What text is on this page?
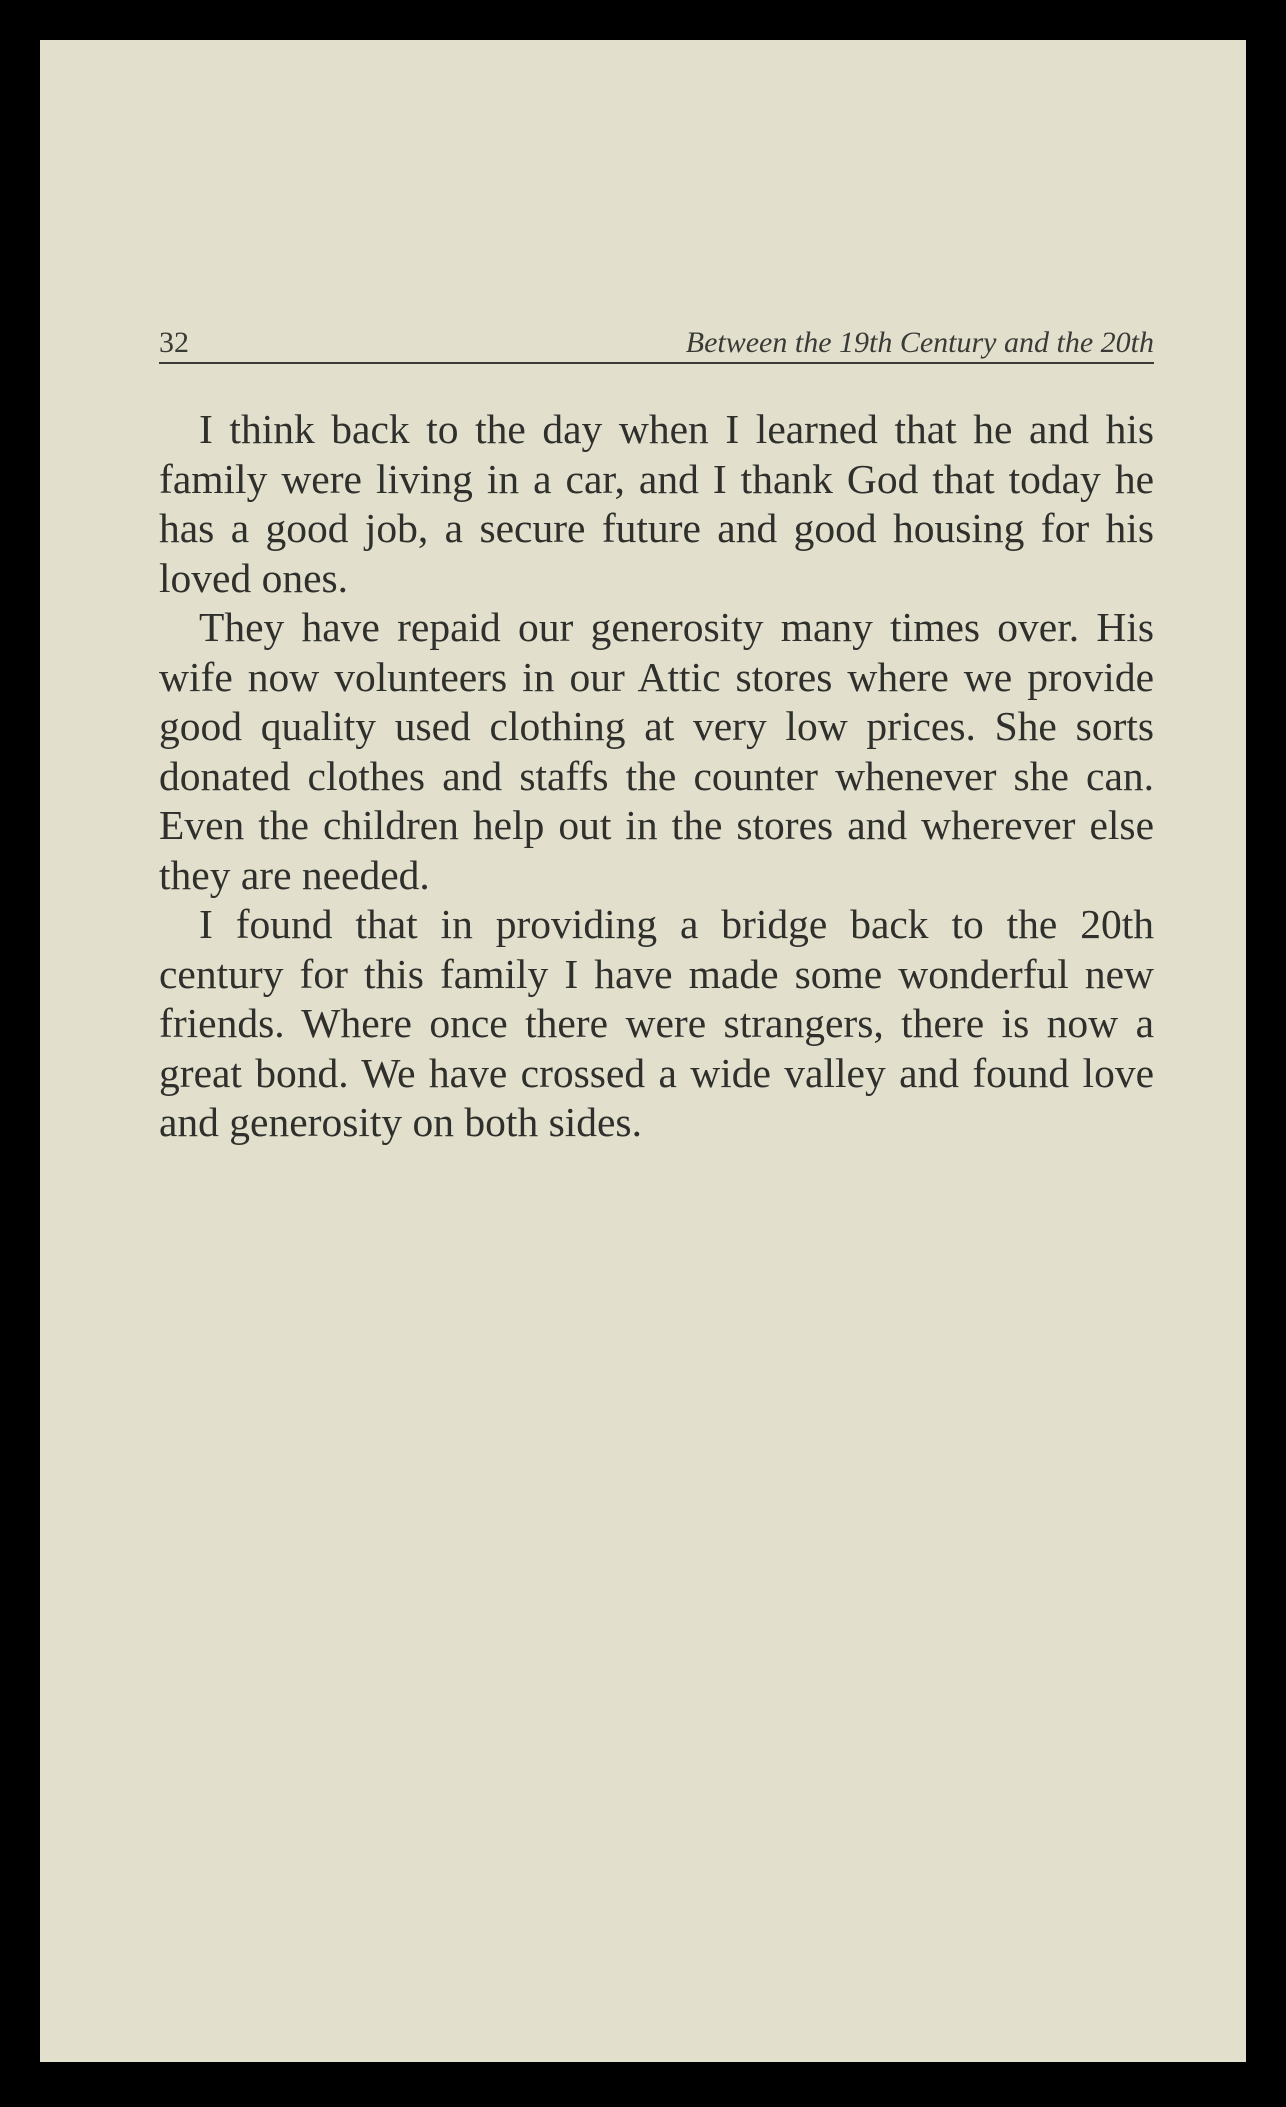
32	Between the 19th Century and the 20th

I think back to the day when I learned that he and his family were living in a car, and I thank God that today he has a good job, a secure future and good housing for his loved ones.

They have repaid our generosity many times over. His wife now volunteers in our Attic stores where we provide good quality used clothing at very low prices. She sorts donated clothes and staffs the counter whenever she can. Even the children help out in the stores and wherever else they are needed.

I found that in providing a bridge back to the 20th century for this family I have made some wonderful new friends. Where once there were strangers, there is now a great bond. We have crossed a wide valley and found love and generosity on both sides.
